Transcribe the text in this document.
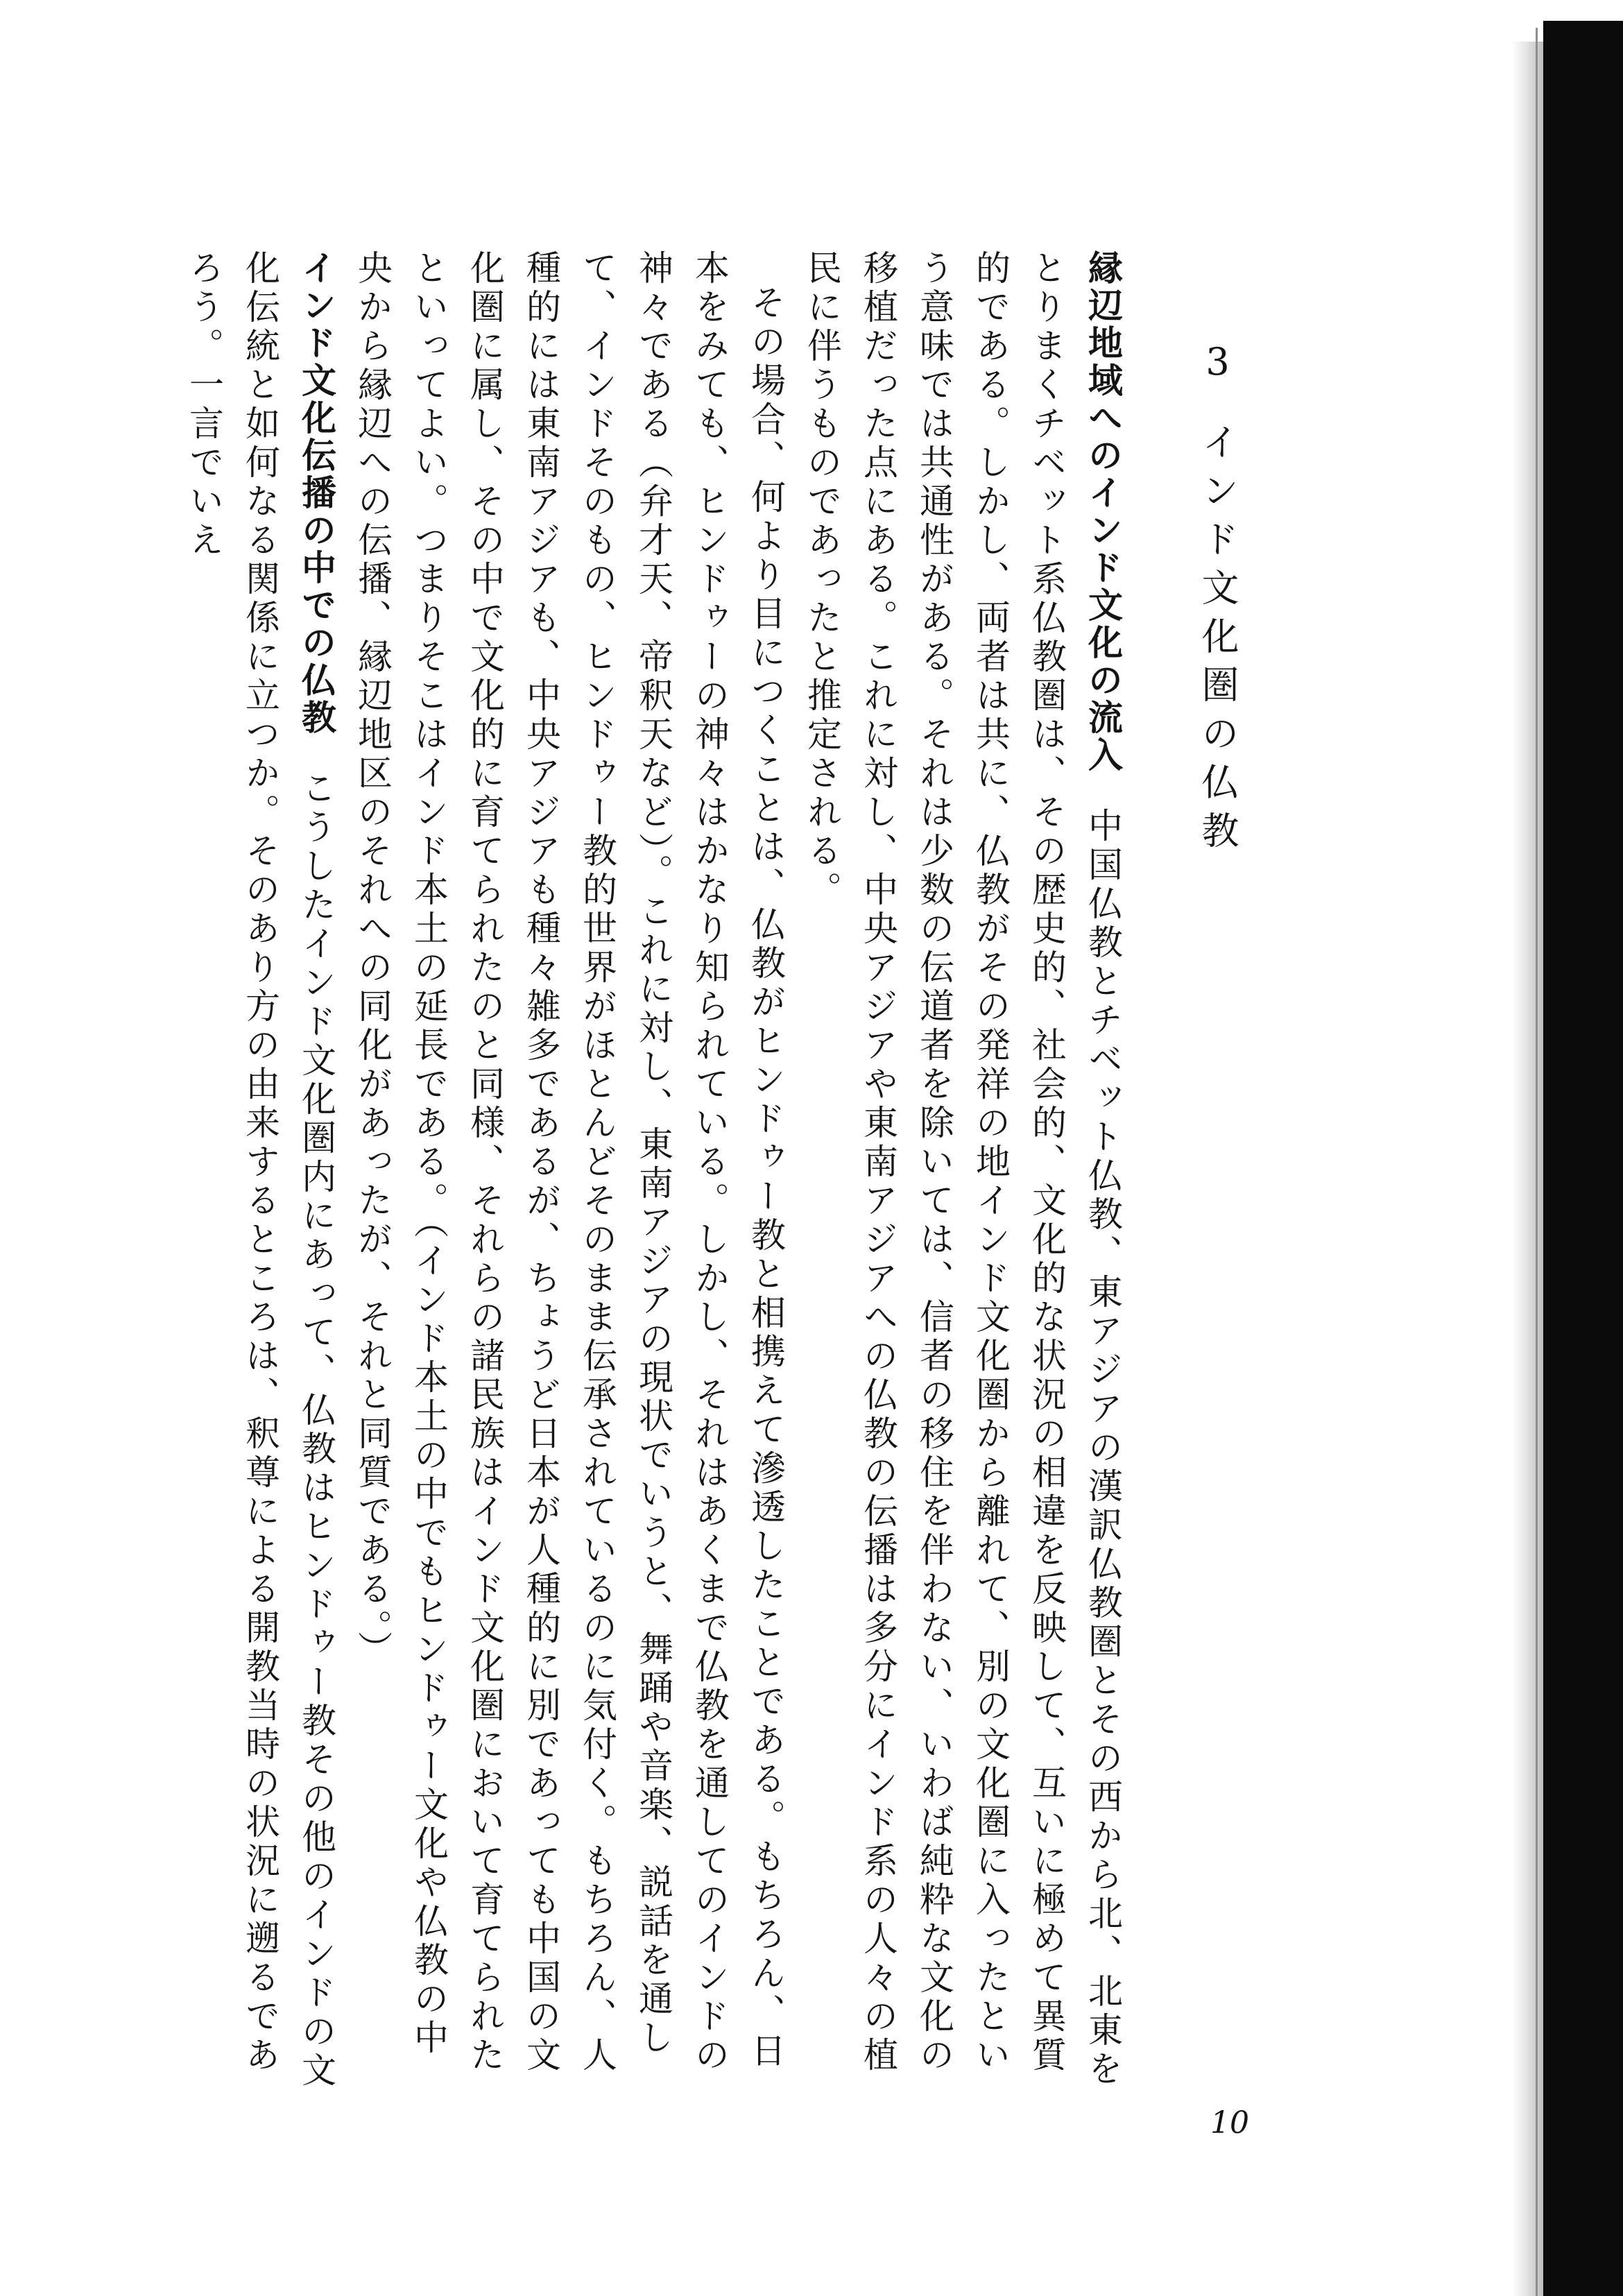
3インド文化圏の仏教

縁辺地域へのインド文化の流入中国仏教とチベット仏教、東アジアの漢訳仏教圏とその西から北、北東をとりまくチベット系仏教圏は、その歴史的、社会的、文化的な状況の相違を反映して、互いに極めて異質的である。しかし、両者は共に、仏教がその発祥の地インド文化圏から離れて、別の文化圏に入ったという意味では共通性がある。それは少数の伝道者を除いては、信者の移住を伴わない、いわば純粋な文化の移植だった点にある。これに対し、中央アジアや東南アジアへの仏教の伝播は多分にインド系の人々の植民に伴うものであったと推定される。

その場合、何より目につくことは、仏教がヒンドゥー教と相携えて滲透したことである。もちろん、日本をみても、ヒンドゥーの神々はかなり知られている。しかし、それはあくまで仏教を通してのインドの神々である（弁才天、帝釈天など）。これに対し、東南アジアの現状でいうと、舞踊や音楽、説話を通して、インドそのもの、ヒンドゥー教的世界がほとんどそのまま伝承されているのに気付く。もちろん、人種的には東南アジアも、中央アジアも種々雑多であるが、ちょうど日本が人種的に別であっても中国の文化圏に属し、その中で文化的に育てられたのと同様、それらの諸民族はインド文化圏において育てられたといってよい。つまりそこはインド本土の延長である。（インド本土の中でもヒンドゥー文化や仏教の中央から縁辺への伝播、縁辺地区のそれへの同化があったが、それと同質である。）

インド文化伝播の中での仏教こうしたインド文化圏内にあって、仏教はヒンドゥー教その他のインドの文化伝統と如何なる関係に立つか。そのあり方の由来するところは、釈尊による開教当時の状況に遡るであろう。一言でいえ

10
